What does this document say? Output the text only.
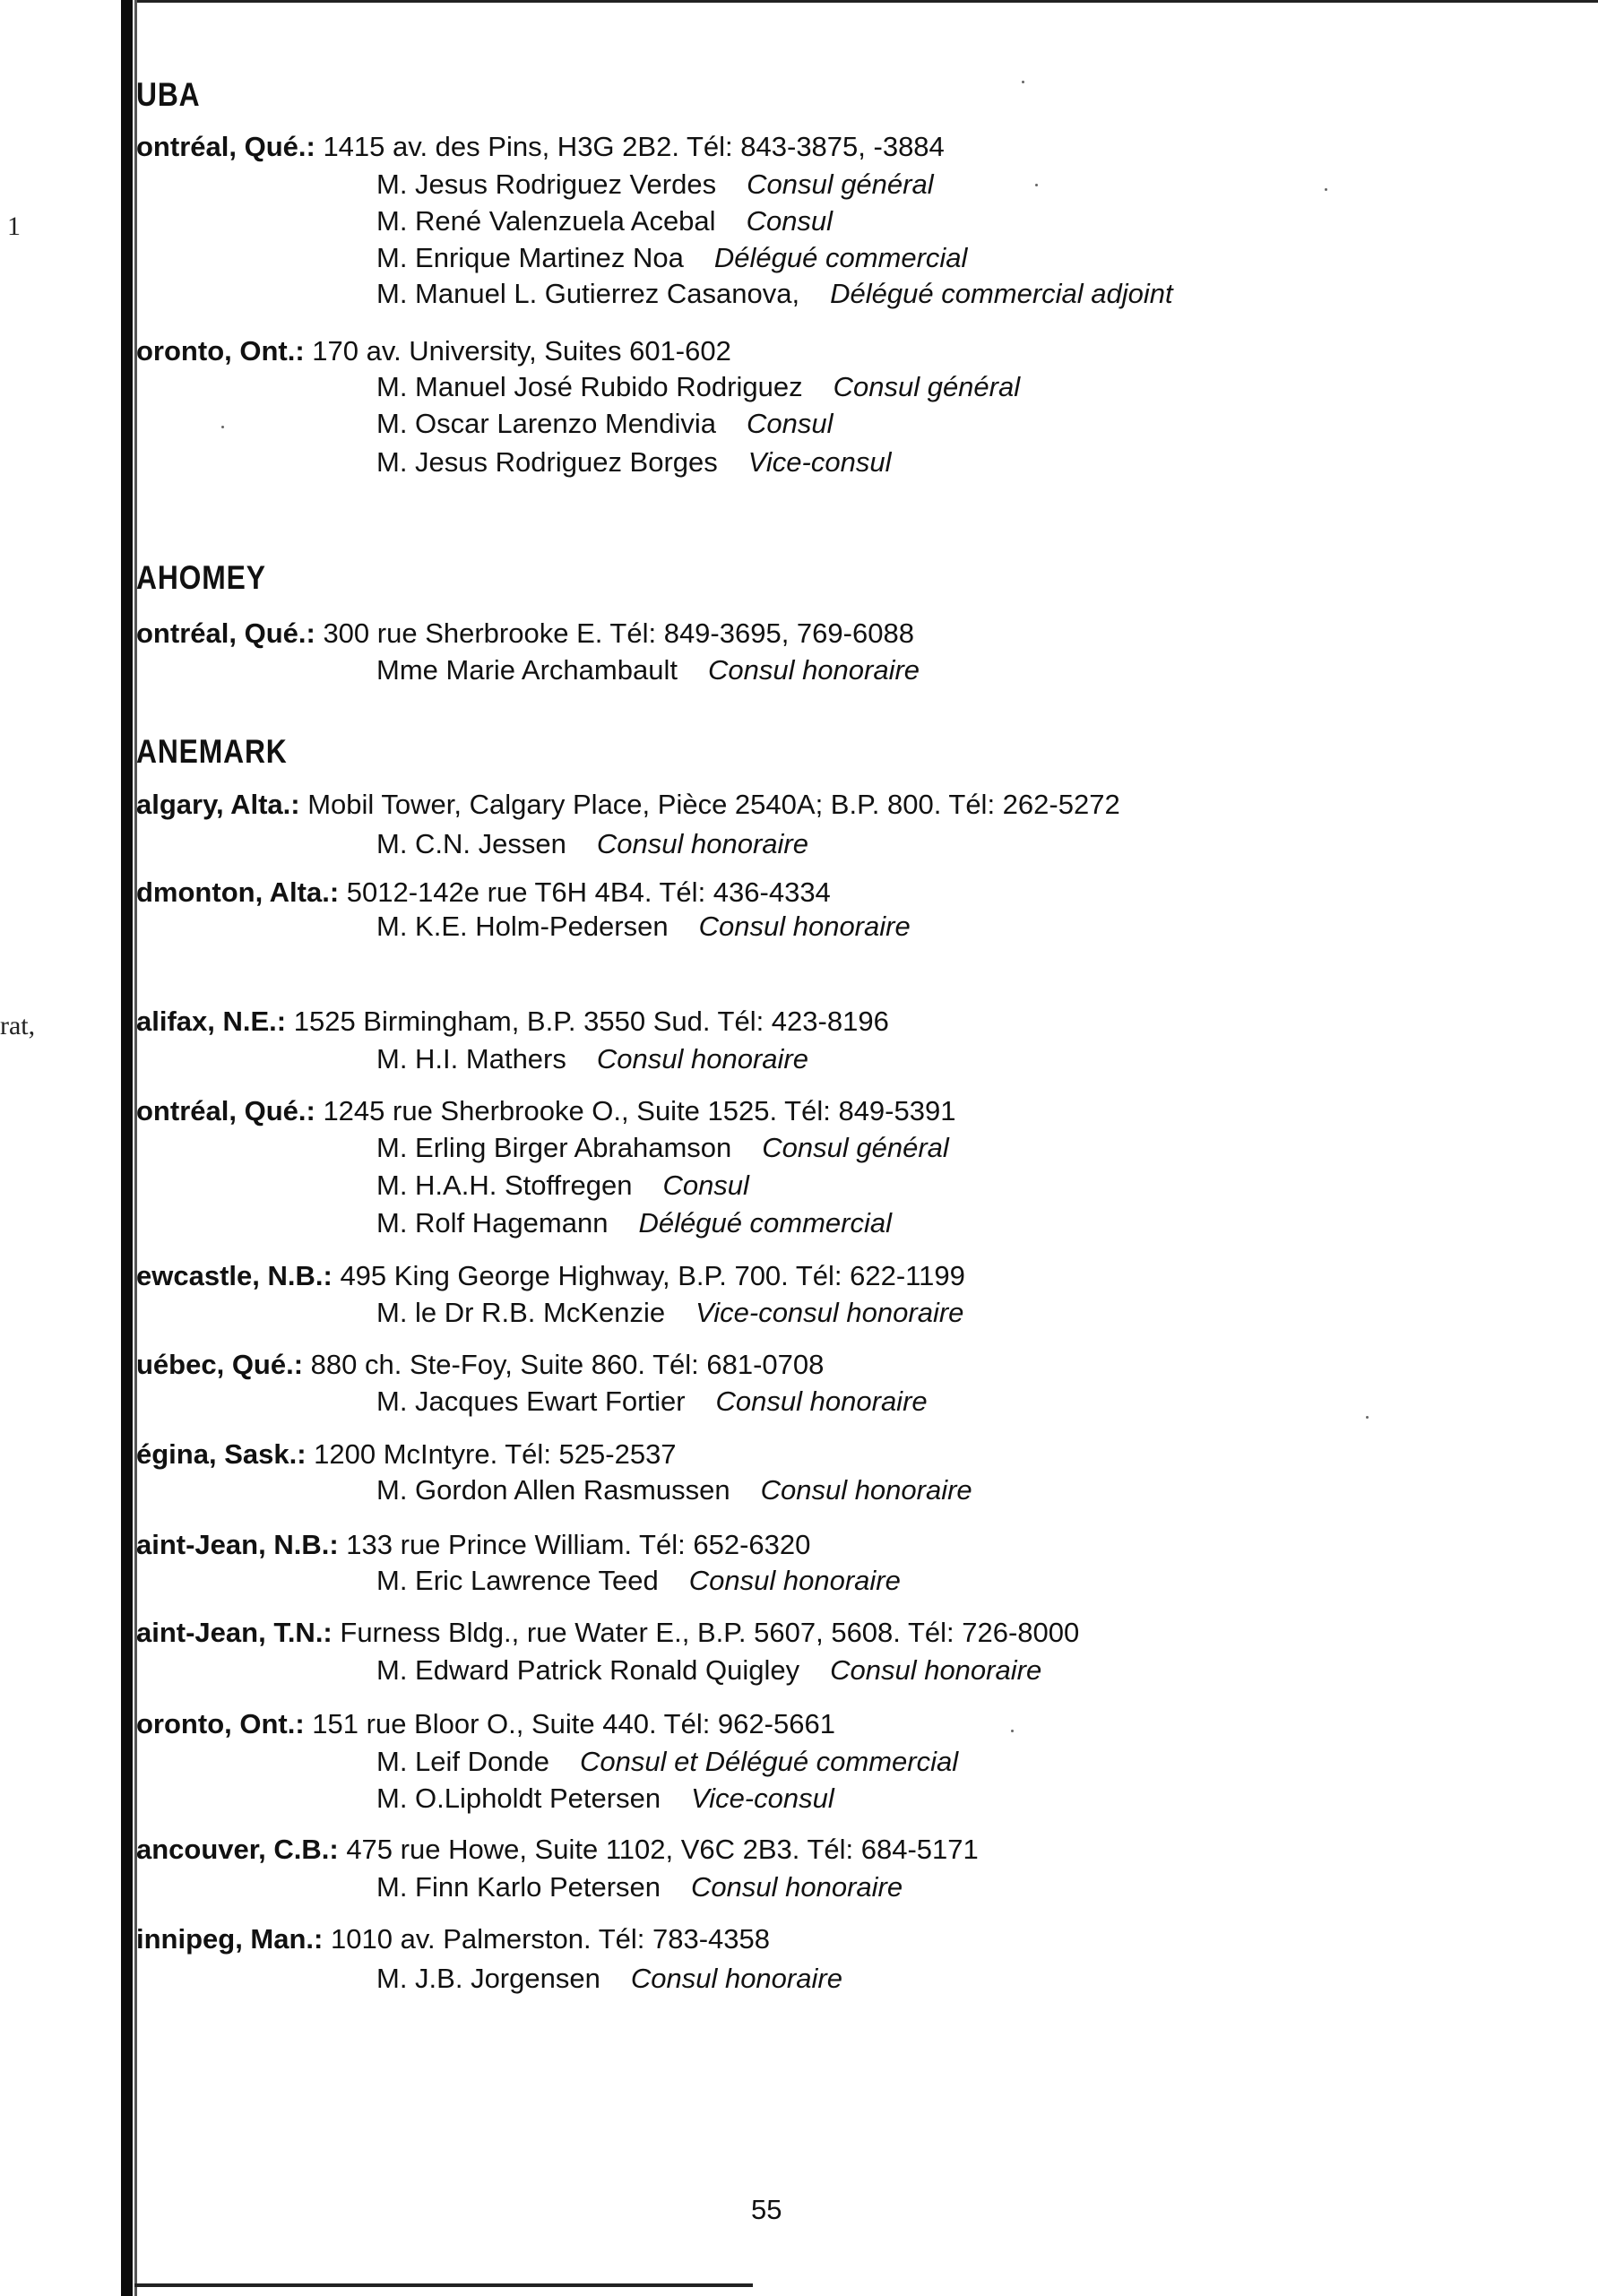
1
rat,
UBA
ontréal, Qué.: 1415 av. des Pins, H3G 2B2. Tél: 843-3875, -3884
M. Jesus Rodriguez Verdes Consul général
M. René Valenzuela Acebal Consul
M. Enrique Martinez Noa Délégué commercial
M. Manuel L. Gutierrez Casanova, Délégué commercial adjoint
oronto, Ont.: 170 av. University, Suites 601-602
M. Manuel José Rubido Rodriguez Consul général
M. Oscar Larenzo Mendivia Consul
M. Jesus Rodriguez Borges Vice-consul
AHOMEY
ontréal, Qué.: 300 rue Sherbrooke E. Tél: 849-3695, 769-6088
Mme Marie Archambault Consul honoraire
ANEMARK
algary, Alta.: Mobil Tower, Calgary Place, Pièce 2540A; B.P. 800. Tél: 262-5272
M. C.N. Jessen Consul honoraire
dmonton, Alta.: 5012-142e rue T6H 4B4. Tél: 436-4334
M. K.E. Holm-Pedersen Consul honoraire
alifax, N.E.: 1525 Birmingham, B.P. 3550 Sud. Tél: 423-8196
M. H.I. Mathers Consul honoraire
ontréal, Qué.: 1245 rue Sherbrooke O., Suite 1525. Tél: 849-5391
M. Erling Birger Abrahamson Consul général
M. H.A.H. Stoffregen Consul
M. Rolf Hagemann Délégué commercial
ewcastle, N.B.: 495 King George Highway, B.P. 700. Tél: 622-1199
M. le Dr R.B. McKenzie Vice-consul honoraire
uébec, Qué.: 880 ch. Ste-Foy, Suite 860. Tél: 681-0708
M. Jacques Ewart Fortier Consul honoraire
égina, Sask.: 1200 McIntyre. Tél: 525-2537
M. Gordon Allen Rasmussen Consul honoraire
aint-Jean, N.B.: 133 rue Prince William. Tél: 652-6320
M. Eric Lawrence Teed Consul honoraire
aint-Jean, T.N.: Furness Bldg., rue Water E., B.P. 5607, 5608. Tél: 726-8000
M. Edward Patrick Ronald Quigley Consul honoraire
oronto, Ont.: 151 rue Bloor O., Suite 440. Tél: 962-5661
M. Leif Donde Consul et Délégué commercial
M. O.Lipholdt Petersen Vice-consul
ancouver, C.B.: 475 rue Howe, Suite 1102, V6C 2B3. Tél: 684-5171
M. Finn Karlo Petersen Consul honoraire
innipeg, Man.: 1010 av. Palmerston. Tél: 783-4358
M. J.B. Jorgensen Consul honoraire
55
